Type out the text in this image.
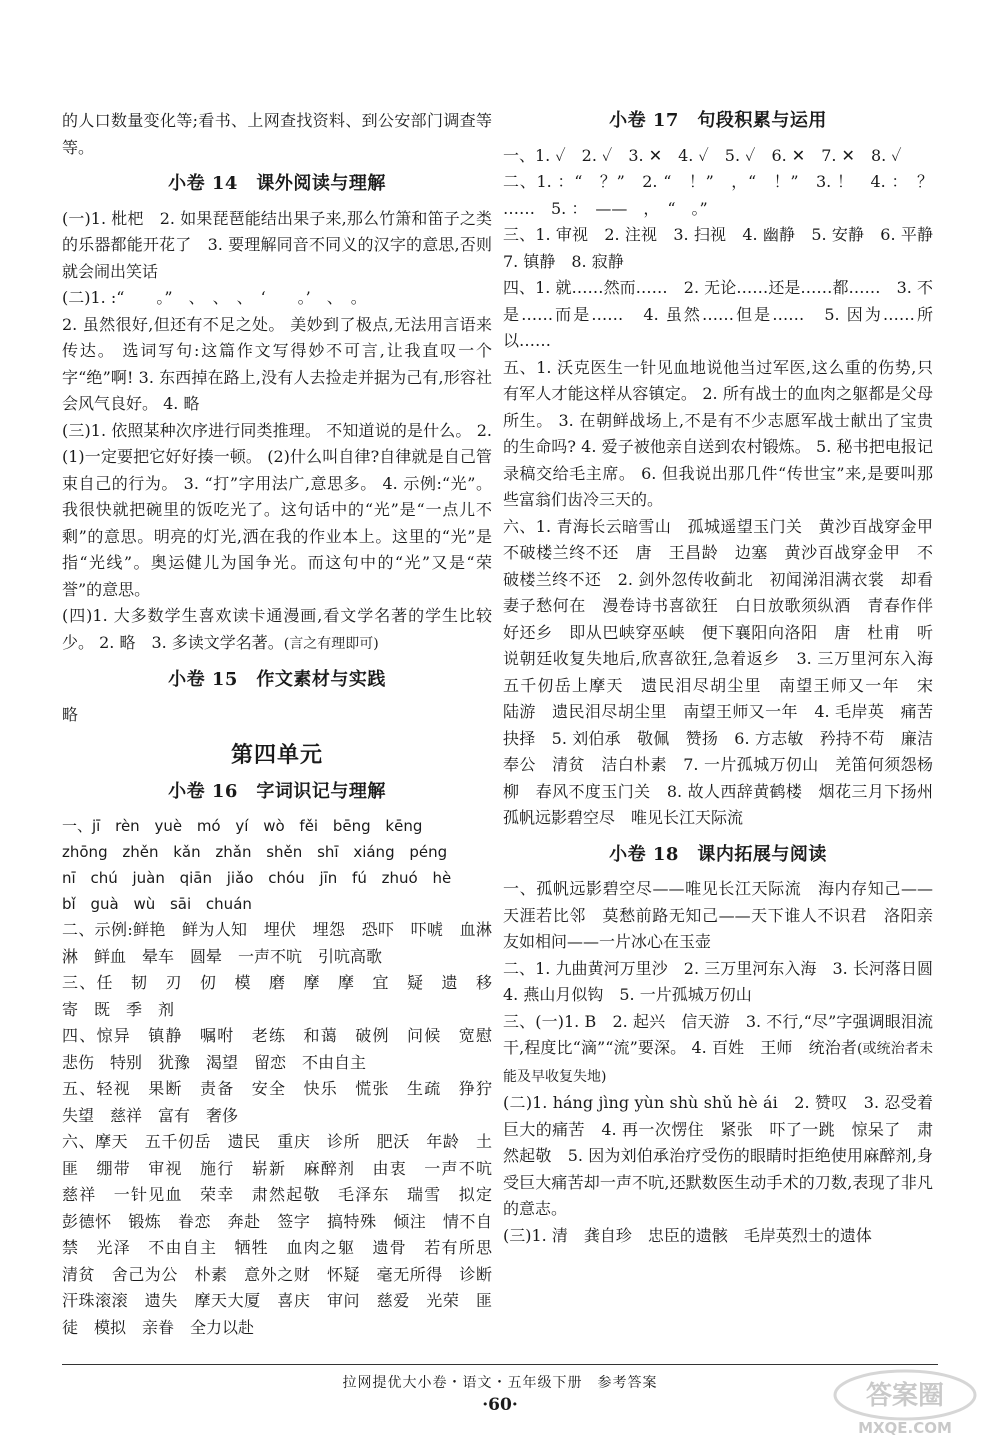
的人口数量变化等;看书、上网查找资料、到公安部门调查等等。

小卷 14　课外阅读与理解

(一)1. 枇杷　2. 如果琵琶能结出果子来,那么竹箫和笛子之类的乐器都能开花了　3. 要理解同音不同义的汉字的意思,否则就会闹出笑话

(二)1. :“　　。”　、　、　、　‘　　。’　、　。

2. 虽然很好,但还有不足之处。 美妙到了极点,无法用言语来传达。 选词写句:这篇作文写得妙不可言,让我直叹一个字“绝”啊! 3. 东西掉在路上,没有人去捡走并据为己有,形容社会风气良好。 4. 略

(三)1. 依照某种次序进行同类推理。 不知道说的是什么。 2. (1)一定要把它好好揍一顿。 (2)什么叫自律?自律就是自己管束自己的行为。 3. “打”字用法广,意思多。 4. 示例:“光”。我很快就把碗里的饭吃光了。这句话中的“光”是“一点儿不剩”的意思。明亮的灯光,洒在我的作业本上。这里的“光”是指“光线”。奥运健儿为国争光。而这句中的“光”又是“荣誉”的意思。

(四)1. 大多数学生喜欢读卡通漫画,看文学名著的学生比较少。 2. 略　3. 多读文学名著。(言之有理即可)

小卷 15　作文素材与实践

略

第四单元
小卷 16　字词识记与理解

一、jī rèn yuè mó yí wò fěi bēng kēng

zhōng zhěn kǎn zhǎn shěn shī xiáng péng

nī chú juàn qiān jiǎo chóu jīn fú zhuó hè

bǐ guà wù sāi chuán

二、示例:鲜艳　鲜为人知　埋伏　埋怨　恐吓　吓唬　血淋淋　鲜血　晕车　圆晕　一声不吭　引吭高歌

三、任　韧　刃　仞　模　磨　摩　摩　宜　疑　遗　移　寄　既　季　剂

四、惊异　镇静　嘱咐　老练　和蔼　破例　问候　宽慰　悲伤　特别　犹豫　渴望　留恋　不由自主

五、轻视　果断　责备　安全　快乐　慌张　生疏　狰狞　失望　慈祥　富有　奢侈

六、摩天　五千仞岳　遗民　重庆　诊所　肥沃　年龄　土匪　绷带　审视　施行　崭新　麻醉剂　由衷　一声不吭　慈祥　一针见血　荣幸　肃然起敬　毛泽东　瑞雪　拟定　彭德怀　锻炼　眷恋　奔赴　签字　搞特殊　倾注　情不自禁　光泽　不由自主　牺牲　血肉之躯　遗骨　若有所思　清贫　舍己为公　朴素　意外之财　怀疑　毫无所得　诊断　汗珠滚滚　遗失　摩天大厦　喜庆　审问　慈爱　光荣　匪徒　模拟　亲眷　全力以赴

小卷 17　句段积累与运用

一、1. ✓　2. ✓　3. ✕　4. ✓　5. ✓　6. ✕　7. ✕　8. ✓

二、1. ：“　？”　2. “　！”　，“　！”　3. ！　4. ：　？　……　5. ：　——　，　“　。”

三、1. 审视　2. 注视　3. 扫视　4. 幽静　5. 安静　6. 平静　7. 镇静　8. 寂静

四、1. 就……然而……　2. 无论……还是……都……　3. 不是……而是……　4. 虽然……但是……　5. 因为……所以……

五、1. 沃克医生一针见血地说他当过军医,这么重的伤势,只有军人才能这样从容镇定。 2. 所有战士的血肉之躯都是父母所生。 3. 在朝鲜战场上,不是有不少志愿军战士献出了宝贵的生命吗? 4. 爱子被他亲自送到农村锻炼。 5. 秘书把电报记录稿交给毛主席。 6. 但我说出那几件“传世宝”来,是要叫那些富翁们齿冷三天的。

六、1. 青海长云暗雪山　孤城遥望玉门关　黄沙百战穿金甲　不破楼兰终不还　唐　王昌龄　边塞　黄沙百战穿金甲　不破楼兰终不还　2. 剑外忽传收蓟北　初闻涕泪满衣裳　却看妻子愁何在　漫卷诗书喜欲狂　白日放歌须纵酒　青春作伴好还乡　即从巴峡穿巫峡　便下襄阳向洛阳　唐　杜甫　听说朝廷收复失地后,欣喜欲狂,急着返乡　3. 三万里河东入海　五千仞岳上摩天　遗民泪尽胡尘里　南望王师又一年　宋　陆游　遗民泪尽胡尘里　南望王师又一年　4. 毛岸英　痛苦　抉择　5. 刘伯承　敬佩　赞扬　6. 方志敏　矜持不苟　廉洁奉公　清贫　洁白朴素　7. 一片孤城万仞山　羌笛何须怨杨柳　春风不度玉门关　8. 故人西辞黄鹤楼　烟花三月下扬州　孤帆远影碧空尽　唯见长江天际流

小卷 18　课内拓展与阅读

一、孤帆远影碧空尽——唯见长江天际流　海内存知己——天涯若比邻　莫愁前路无知己——天下谁人不识君　洛阳亲友如相问——一片冰心在玉壶

二、1. 九曲黄河万里沙　2. 三万里河东入海　3. 长河落日圆　4. 燕山月似钩　5. 一片孤城万仞山

三、(一)1. B　2. 起兴　信天游　3. 不行,“尽”字强调眼泪流干,程度比“滴”“流”要深。 4. 百姓　王师　统治者(或统治者未能及早收复失地)

(二)1. háng jìng yùn shù shǔ hè ái　2. 赞叹　3. 忍受着巨大的痛苦　4. 再一次愣住　紧张　吓了一跳　惊呆了　肃然起敬　5. 因为刘伯承治疗受伤的眼睛时拒绝使用麻醉剂,身受巨大痛苦却一声不吭,还默数医生动手术的刀数,表现了非凡的意志。

(三)1. 清　龚自珍　忠臣的遗骸　毛岸英烈士的遗体

拉网提优大小卷・语文・五年级下册　参考答案
·60·	答案圈
MXQE.COM
